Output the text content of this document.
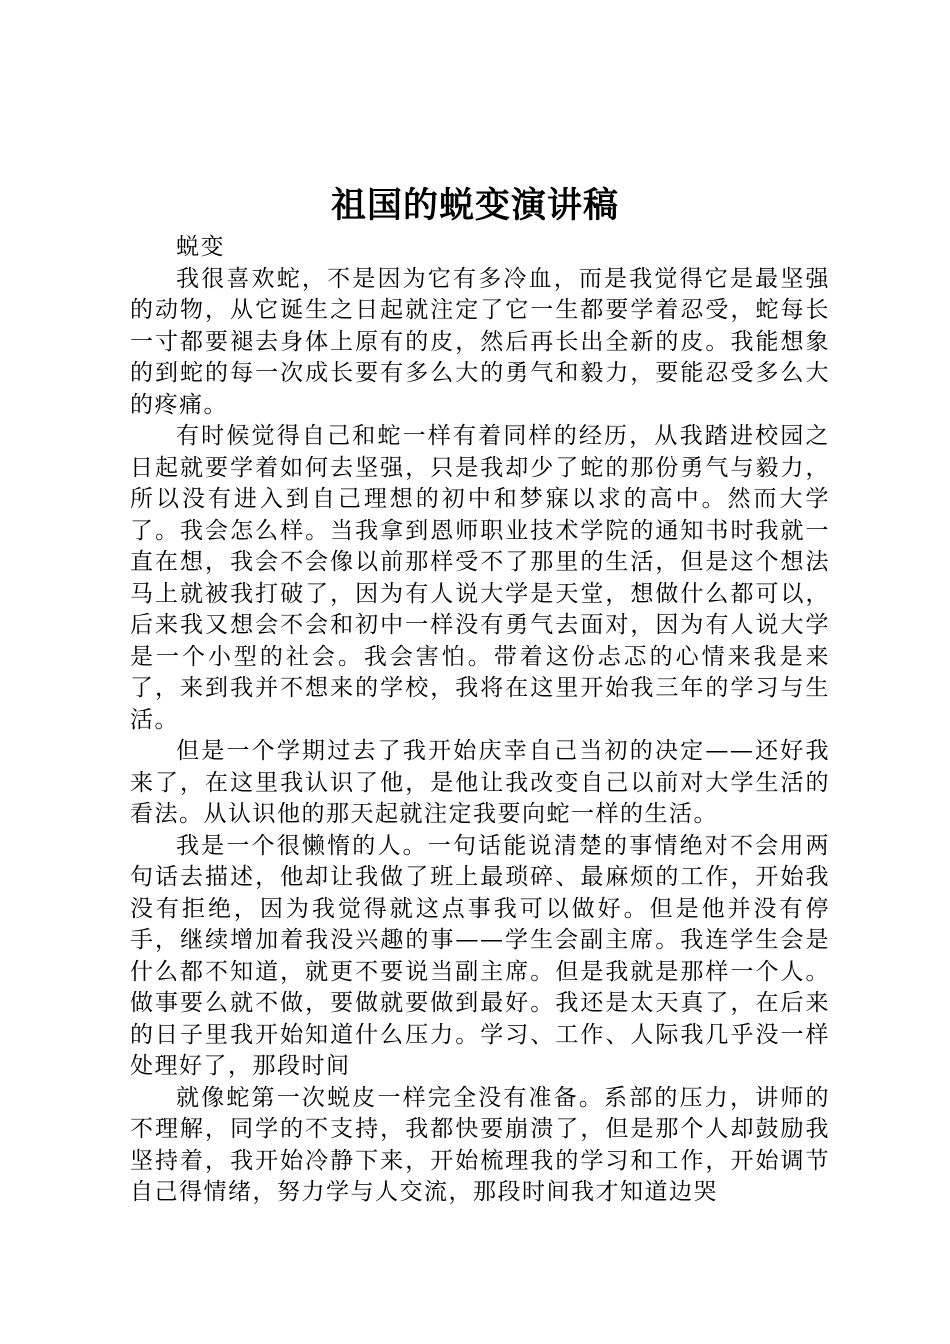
祖国的蜕变演讲稿

蜕变

我很喜欢蛇，不是因为它有多冷血，而是我觉得它是最坚强的动物，从它诞生之日起就注定了它一生都要学着忍受，蛇每长一寸都要褪去身体上原有的皮，然后再长出全新的皮。我能想象的到蛇的每一次成长要有多么大的勇气和毅力，要能忍受多么大的疼痛。

有时候觉得自己和蛇一样有着同样的经历，从我踏进校园之日起就要学着如何去坚强，只是我却少了蛇的那份勇气与毅力，所以没有进入到自己理想的初中和梦寐以求的高中。然而大学了。我会怎么样。当我拿到恩师职业技术学院的通知书时我就一直在想，我会不会像以前那样受不了那里的生活，但是这个想法马上就被我打破了，因为有人说大学是天堂，想做什么都可以，后来我又想会不会和初中一样没有勇气去面对，因为有人说大学是一个小型的社会。我会害怕。带着这份忐忑的心情来我是来了，来到我并不想来的学校，我将在这里开始我三年的学习与生活。

但是一个学期过去了我开始庆幸自己当初的决定——还好我来了，在这里我认识了他，是他让我改变自己以前对大学生活的看法。从认识他的那天起就注定我要向蛇一样的生活。

我是一个很懒惰的人。一句话能说清楚的事情绝对不会用两句话去描述，他却让我做了班上最琐碎、最麻烦的工作，开始我没有拒绝，因为我觉得就这点事我可以做好。但是他并没有停手，继续增加着我没兴趣的事——学生会副主席。我连学生会是什么都不知道，就更不要说当副主席。但是我就是那样一个人。做事要么就不做，要做就要做到最好。我还是太天真了，在后来的日子里我开始知道什么压力。学习、工作、人际我几乎没一样处理好了，那段时间

就像蛇第一次蜕皮一样完全没有准备。系部的压力，讲师的不理解，同学的不支持，我都快要崩溃了，但是那个人却鼓励我坚持着，我开始冷静下来，开始梳理我的学习和工作，开始调节自己得情绪，努力学与人交流，那段时间我才知道边哭
